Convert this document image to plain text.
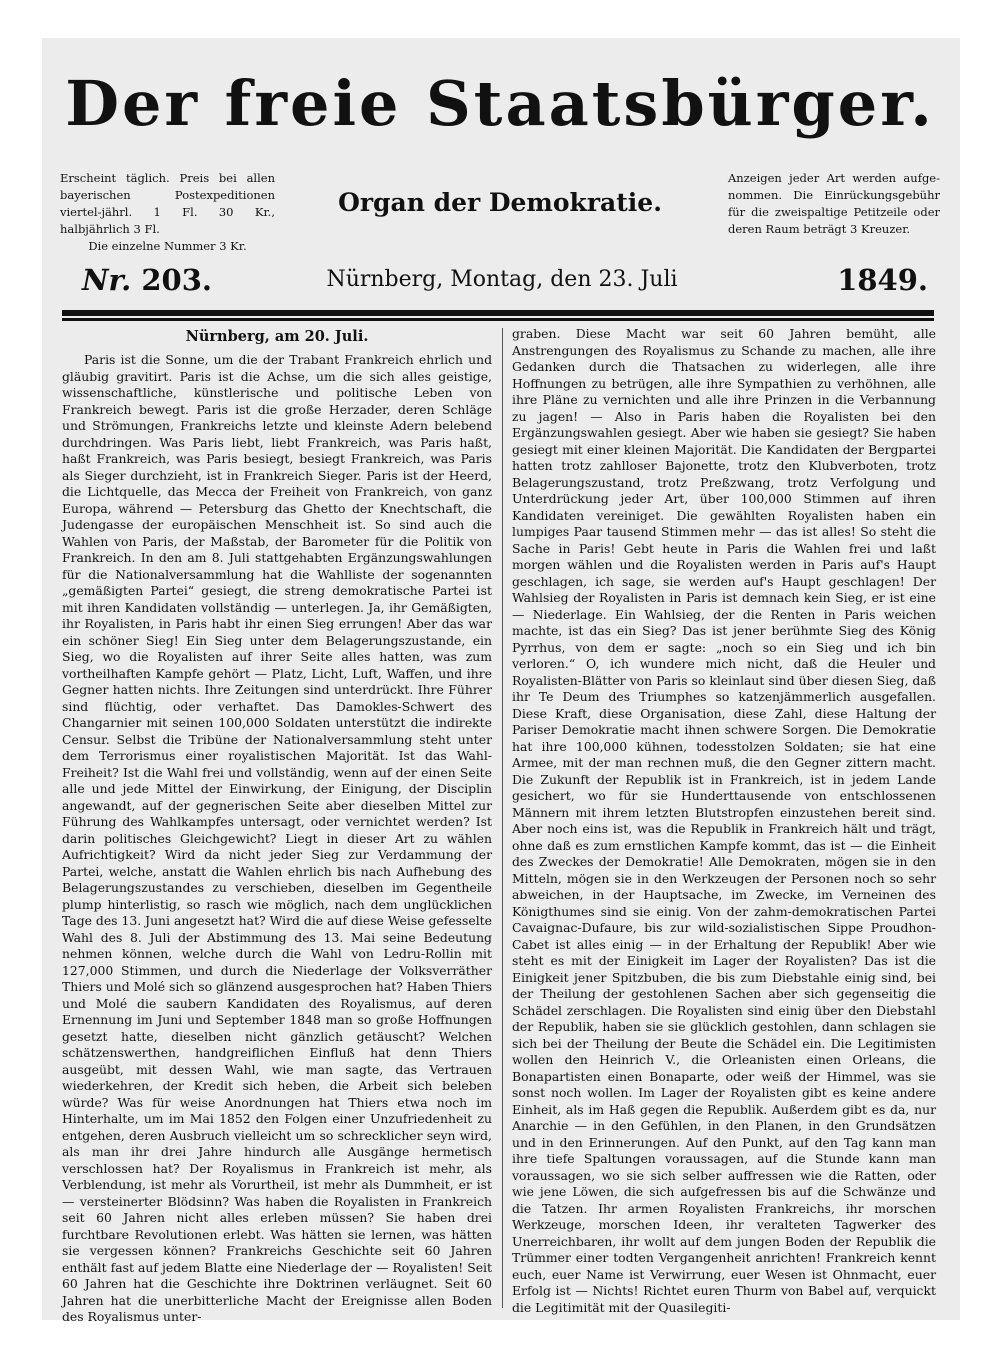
Der freie Staatsbürger.
Erscheint täglich. Preis bei allen bayerischen Postexpeditionen viertel-jährl. 1 Fl. 30 Kr., halbjährlich 3 Fl.
Die einzelne Nummer 3 Kr.
Organ der Demokratie.
Anzeigen jeder Art werden aufge-nommen. Die Einrückungsgebühr für die zweispaltige Petitzeile oder deren Raum beträgt 3 Kreuzer.
Nr. 203.	Nürnberg, Montag, den 23. Juli	1849.
Nürnberg, am 20. Juli.

Paris ist die Sonne, um die der Trabant Frankreich ehrlich und gläubig gravitirt. Paris ist die Achse, um die sich alles geistige, wissenschaftliche, künstlerische und politische Leben von Frankreich bewegt. Paris ist die große Herzader, deren Schläge und Strömungen, Frankreichs letzte und kleinste Adern belebend durchdringen. Was Paris liebt, liebt Frankreich, was Paris haßt, haßt Frankreich, was Paris besiegt, besiegt Frankreich, was Paris als Sieger durchzieht, ist in Frankreich Sieger. Paris ist der Heerd, die Lichtquelle, das Mecca der Freiheit von Frankreich, von ganz Europa, während — Petersburg das Ghetto der Knechtschaft, die Judengasse der europäischen Menschheit ist. So sind auch die Wahlen von Paris, der Maßstab, der Barometer für die Politik von Frankreich. In den am 8. Juli stattgehabten Ergänzungswahlungen für die Nationalversammlung hat die Wahlliste der sogenannten „gemäßigten Partei“ gesiegt, die streng demokratische Partei ist mit ihren Kandidaten vollständig — unterlegen. Ja, ihr Gemäßigten, ihr Royalisten, in Paris habt ihr einen Sieg errungen! Aber das war ein schöner Sieg! Ein Sieg unter dem Belagerungszustande, ein Sieg, wo die Royalisten auf ihrer Seite alles hatten, was zum vortheilhaften Kampfe gehört — Platz, Licht, Luft, Waffen, und ihre Gegner hatten nichts. Ihre Zeitungen sind unterdrückt. Ihre Führer sind flüchtig, oder verhaftet. Das Damokles-Schwert des Changarnier mit seinen 100,000 Soldaten unterstützt die indirekte Censur. Selbst die Tribüne der Nationalversammlung steht unter dem Terrorismus einer royalistischen Majorität. Ist das Wahl-Freiheit? Ist die Wahl frei und vollständig, wenn auf der einen Seite alle und jede Mittel der Einwirkung, der Einigung, der Disciplin angewandt, auf der gegnerischen Seite aber dieselben Mittel zur Führung des Wahlkampfes untersagt, oder vernichtet werden? Ist darin politisches Gleichgewicht? Liegt in dieser Art zu wählen Aufrichtigkeit? Wird da nicht jeder Sieg zur Verdammung der Partei, welche, anstatt die Wahlen ehrlich bis nach Aufhebung des Belagerungszustandes zu verschieben, dieselben im Gegentheile plump hinterlistig, so rasch wie möglich, nach dem unglücklichen Tage des 13. Juni angesetzt hat? Wird die auf diese Weise gefesselte Wahl des 8. Juli der Abstimmung des 13. Mai seine Bedeutung nehmen können, welche durch die Wahl von Ledru-Rollin mit 127,000 Stimmen, und durch die Niederlage der Volksverräther Thiers und Molé sich so glänzend ausgesprochen hat? Haben Thiers und Molé die saubern Kandidaten des Royalismus, auf deren Ernennung im Juni und September 1848 man so große Hoffnungen gesetzt hatte, dieselben nicht gänzlich getäuscht? Welchen schätzenswerthen, handgreiflichen Einfluß hat denn Thiers ausgeübt, mit dessen Wahl, wie man sagte, das Vertrauen wiederkehren, der Kredit sich heben, die Arbeit sich beleben würde? Was für weise Anordnungen hat Thiers etwa noch im Hinterhalte, um im Mai 1852 den Folgen einer Unzufriedenheit zu entgehen, deren Ausbruch vielleicht um so schrecklicher seyn wird, als man ihr drei Jahre hindurch alle Ausgänge hermetisch verschlossen hat? Der Royalismus in Frankreich ist mehr, als Verblendung, ist mehr als Vorurtheil, ist mehr als Dummheit, er ist — versteinerter Blödsinn? Was haben die Royalisten in Frankreich seit 60 Jahren nicht alles erleben müssen? Sie haben drei furchtbare Revolutionen erlebt. Was hätten sie lernen, was hätten sie vergessen können? Frankreichs Geschichte seit 60 Jahren enthält fast auf jedem Blatte eine Niederlage der — Royalisten! Seit 60 Jahren hat die Geschichte ihre Doktrinen verläugnet. Seit 60 Jahren hat die unerbitterliche Macht der Ereignisse allen Boden des Royalismus unter-

graben. Diese Macht war seit 60 Jahren bemüht, alle Anstrengungen des Royalismus zu Schande zu machen, alle ihre Gedanken durch die Thatsachen zu widerlegen, alle ihre Hoffnungen zu betrügen, alle ihre Sympathien zu verhöhnen, alle ihre Pläne zu vernichten und alle ihre Prinzen in die Verbannung zu jagen! — Also in Paris haben die Royalisten bei den Ergänzungswahlen gesiegt. Aber wie haben sie gesiegt? Sie haben gesiegt mit einer kleinen Majorität. Die Kandidaten der Bergpartei hatten trotz zahlloser Bajonette, trotz den Klubverboten, trotz Belagerungszustand, trotz Preßzwang, trotz Verfolgung und Unterdrückung jeder Art, über 100,000 Stimmen auf ihren Kandidaten vereiniget. Die gewählten Royalisten haben ein lumpiges Paar tausend Stimmen mehr — das ist alles! So steht die Sache in Paris! Gebt heute in Paris die Wahlen frei und laßt morgen wählen und die Royalisten werden in Paris auf's Haupt geschlagen, ich sage, sie werden auf's Haupt geschlagen! Der Wahlsieg der Royalisten in Paris ist demnach kein Sieg, er ist eine — Niederlage. Ein Wahlsieg, der die Renten in Paris weichen machte, ist das ein Sieg? Das ist jener berühmte Sieg des König Pyrrhus, von dem er sagte: „noch so ein Sieg und ich bin verloren.“ O, ich wundere mich nicht, daß die Heuler und Royalisten-Blätter von Paris so kleinlaut sind über diesen Sieg, daß ihr Te Deum des Triumphes so katzenjämmerlich ausgefallen. Diese Kraft, diese Organisation, diese Zahl, diese Haltung der Pariser Demokratie macht ihnen schwere Sorgen. Die Demokratie hat ihre 100,000 kühnen, todesstolzen Soldaten; sie hat eine Armee, mit der man rechnen muß, die den Gegner zittern macht. Die Zukunft der Republik ist in Frankreich, ist in jedem Lande gesichert, wo für sie Hunderttausende von entschlossenen Männern mit ihrem letzten Blutstropfen einzustehen bereit sind. Aber noch eins ist, was die Republik in Frankreich hält und trägt, ohne daß es zum ernstlichen Kampfe kommt, das ist — die Einheit des Zweckes der Demokratie! Alle Demokraten, mögen sie in den Mitteln, mögen sie in den Werkzeugen der Personen noch so sehr abweichen, in der Hauptsache, im Zwecke, im Verneinen des Königthumes sind sie einig. Von der zahm-demokratischen Partei Cavaignac-Dufaure, bis zur wild-sozialistischen Sippe Proudhon-Cabet ist alles einig — in der Erhaltung der Republik! Aber wie steht es mit der Einigkeit im Lager der Royalisten? Das ist die Einigkeit jener Spitzbuben, die bis zum Diebstahle einig sind, bei der Theilung der gestohlenen Sachen aber sich gegenseitig die Schädel zerschlagen. Die Royalisten sind einig über den Diebstahl der Republik, haben sie sie glücklich gestohlen, dann schlagen sie sich bei der Theilung der Beute die Schädel ein. Die Legitimisten wollen den Heinrich V., die Orleanisten einen Orleans, die Bonapartisten einen Bonaparte, oder weiß der Himmel, was sie sonst noch wollen. Im Lager der Royalisten gibt es keine andere Einheit, als im Haß gegen die Republik. Außerdem gibt es da, nur Anarchie — in den Gefühlen, in den Planen, in den Grundsätzen und in den Erinnerungen. Auf den Punkt, auf den Tag kann man ihre tiefe Spaltungen voraussagen, auf die Stunde kann man voraussagen, wo sie sich selber auffressen wie die Ratten, oder wie jene Löwen, die sich aufgefressen bis auf die Schwänze und die Tatzen. Ihr armen Royalisten Frankreichs, ihr morschen Werkzeuge, morschen Ideen, ihr veralteten Tagwerker des Unerreichbaren, ihr wollt auf dem jungen Boden der Republik die Trümmer einer todten Vergangenheit anrichten! Frankreich kennt euch, euer Name ist Verwirrung, euer Wesen ist Ohnmacht, euer Erfolg ist — Nichts! Richtet euren Thurm von Babel auf, verquickt die Legitimität mit der Quasilegiti-
